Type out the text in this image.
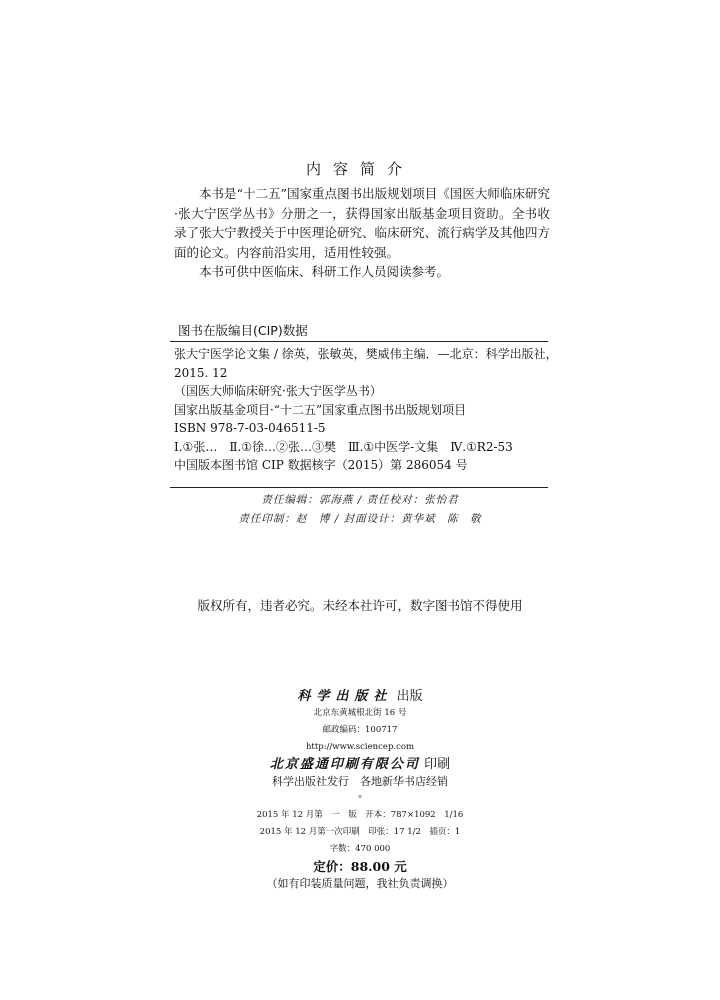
内容简介

本书是“十二五”国家重点图书出版规划项目《国医大师临床研究·张大宁医学丛书》分册之一，获得国家出版基金项目资助。全书收录了张大宁教授关于中医理论研究、临床研究、流行病学及其他四方面的论文。内容前沿实用，适用性较强。

本书可供中医临床、科研工作人员阅读参考。

图书在版编目(CIP)数据
张大宁医学论文集 / 徐英，张敏英，樊威伟主编．—北京：科学出版社，
2015. 12
（国医大师临床研究·张大宁医学丛书）
国家出版基金项目·“十二五”国家重点图书出版规划项目
ISBN 978-7-03-046511-5
Ⅰ.①张…　Ⅱ.①徐…②张…③樊　Ⅲ.①中医学-文集　Ⅳ.①R2-53
中国版本图书馆 CIP 数据核字（2015）第 286054 号
责任编辑：郭海燕 / 责任校对：张怡君
责任印制：赵　博 / 封面设计：黄华斌　陈　敬
版权所有，违者必究。未经本社许可，数字图书馆不得使用
科学出版社 出版
北京东黄城根北街 16 号
邮政编码：100717
http://www.sciencep.com
北京盛通印刷有限公司 印刷
科学出版社发行　各地新华书店经销
*
2015 年 12 月第　一　版　开本：787×1092　1/16
2015 年 12 月第一次印刷　印张：17 1/2　插页：1
字数：470 000
定价：88.00 元
（如有印装质量问题，我社负责调换）
